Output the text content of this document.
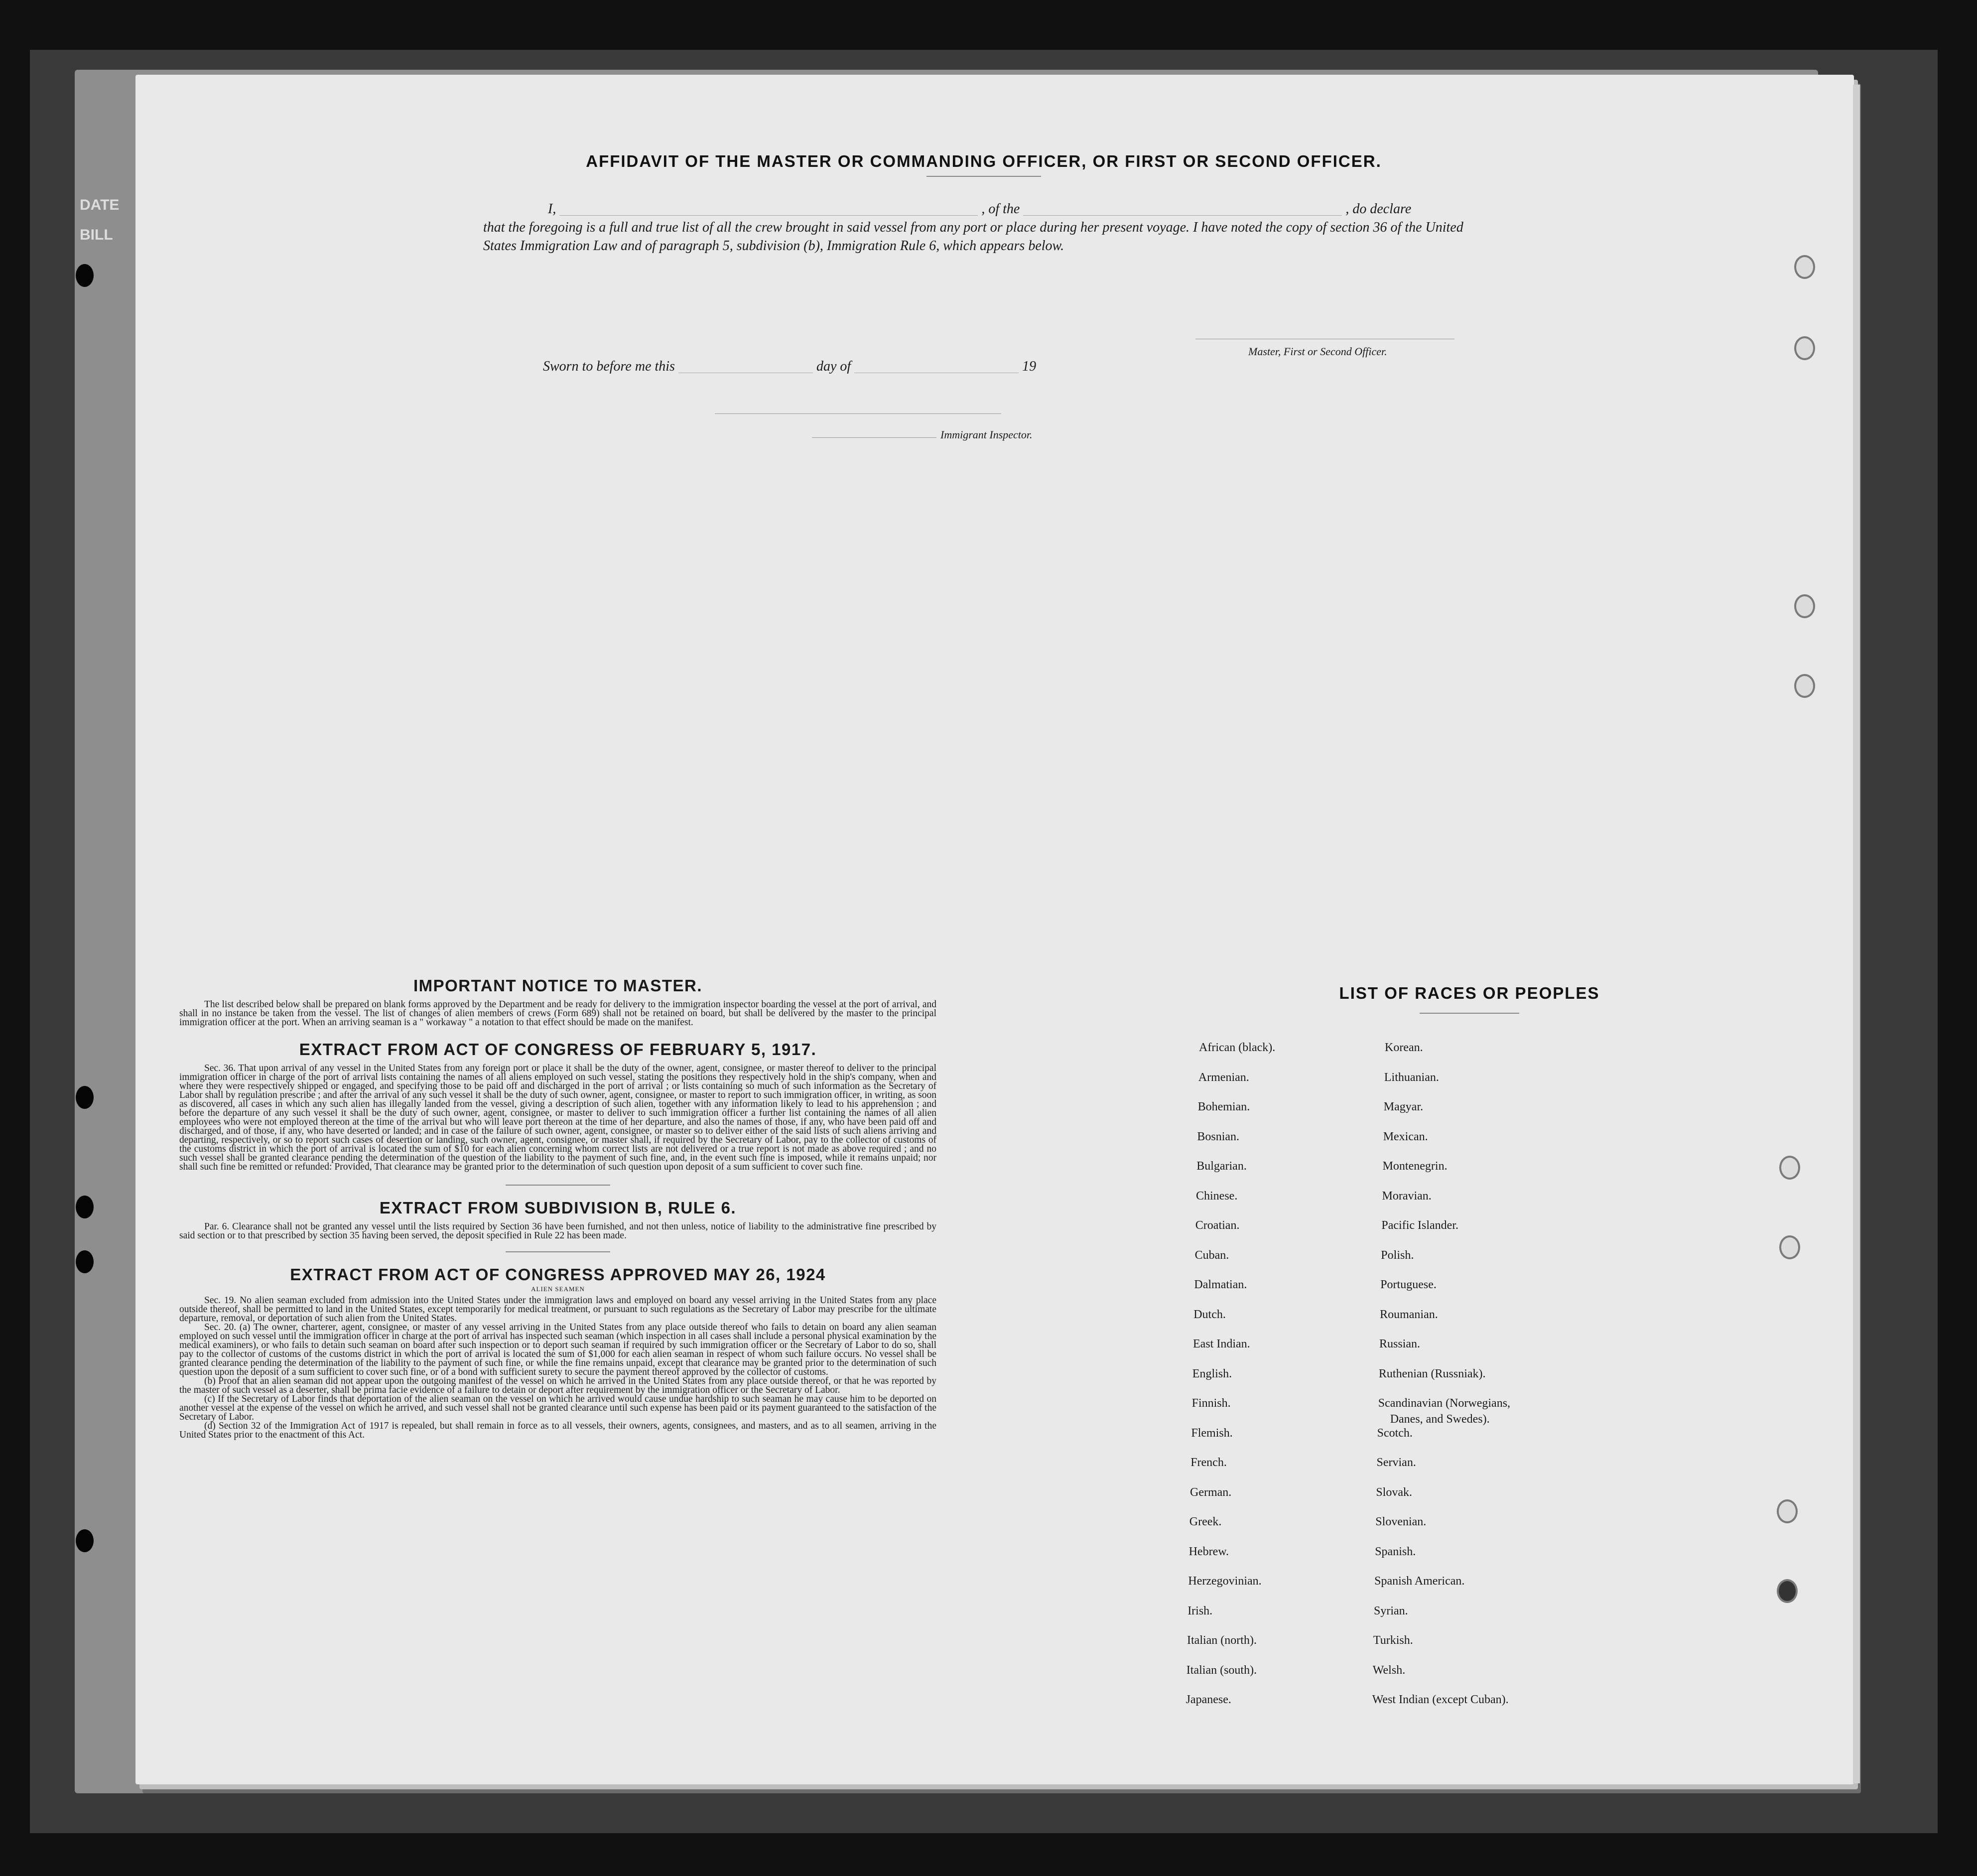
DATE
BILL
AFFIDAVIT OF THE MASTER OR COMMANDING OFFICER, OR FIRST OR SECOND OFFICER.
I,	, of the	, do declare
that the foregoing is a full and true list of all the crew brought in said vessel from any port or place during her present voyage. I have noted the copy of section 36 of the United States Immigration Law and of paragraph 5, subdivision (b), Immigration Rule 6, which appears below.
Master, First or Second Officer.
Sworn to before me this	day of	19
Immigrant Inspector.
IMPORTANT NOTICE TO MASTER.

The list described below shall be prepared on blank forms approved by the Department and be ready for delivery to the immigration inspector boarding the vessel at the port of arrival, and shall in no instance be taken from the vessel. The list of changes of alien members of crews (Form 689) shall not be retained on board, but shall be delivered by the master to the principal immigration officer at the port. When an arriving seaman is a " workaway " a notation to that effect should be made on the manifest.

EXTRACT FROM ACT OF CONGRESS OF FEBRUARY 5, 1917.

Sec. 36. That upon arrival of any vessel in the United States from any foreign port or place it shall be the duty of the owner, agent, consignee, or master thereof to deliver to the principal immigration officer in charge of the port of arrival lists containing the names of all aliens employed on such vessel, stating the positions they respectively hold in the ship's company, when and where they were respectively shipped or engaged, and specifying those to be paid off and discharged in the port of arrival ; or lists containing so much of such information as the Secretary of Labor shall by regulation prescribe ; and after the arrival of any such vessel it shall be the duty of such owner, agent, consignee, or master to report to such immigration officer, in writing, as soon as discovered, all cases in which any such alien has illegally landed from the vessel, giving a description of such alien, together with any information likely to lead to his apprehension ; and before the departure of any such vessel it shall be the duty of such owner, agent, consignee, or master to deliver to such immigration officer a further list containing the names of all alien employees who were not employed thereon at the time of the arrival but who will leave port thereon at the time of her departure, and also the names of those, if any, who have been paid off and discharged, and of those, if any, who have deserted or landed; and in case of the failure of such owner, agent, consignee, or master so to deliver either of the said lists of such aliens arriving and departing, respectively, or so to report such cases of desertion or landing, such owner, agent, consignee, or master shall, if required by the Secretary of Labor, pay to the collector of customs of the customs district in which the port of arrival is located the sum of $10 for each alien concerning whom correct lists are not delivered or a true report is not made as above required ; and no such vessel shall be granted clearance pending the determination of the question of the liability to the payment of such fine, and, in the event such fine is imposed, while it remains unpaid; nor shall such fine be remitted or refunded: Provided, That clearance may be granted prior to the determination of such question upon deposit of a sum sufficient to cover such fine.

EXTRACT FROM SUBDIVISION B, RULE 6.

Par. 6. Clearance shall not be granted any vessel until the lists required by Section 36 have been furnished, and not then unless, notice of liability to the administrative fine prescribed by said section or to that prescribed by section 35 having been served, the deposit specified in Rule 22 has been made.

EXTRACT FROM ACT OF CONGRESS APPROVED MAY 26, 1924
ALIEN SEAMEN

Sec. 19. No alien seaman excluded from admission into the United States under the immigration laws and employed on board any vessel arriving in the United States from any place outside thereof, shall be permitted to land in the United States, except temporarily for medical treatment, or pursuant to such regulations as the Secretary of Labor may prescribe for the ultimate departure, removal, or deportation of such alien from the United States.

Sec. 20. (a) The owner, charterer, agent, consignee, or master of any vessel arriving in the United States from any place outside thereof who fails to detain on board any alien seaman employed on such vessel until the immigration officer in charge at the port of arrival has inspected such seaman (which inspection in all cases shall include a personal physical examination by the medical examiners), or who fails to detain such seaman on board after such inspection or to deport such seaman if required by such immigration officer or the Secretary of Labor to do so, shall pay to the collector of customs of the customs district in which the port of arrival is located the sum of $1,000 for each alien seaman in respect of whom such failure occurs. No vessel shall be granted clearance pending the determination of the liability to the payment of such fine, or while the fine remains unpaid, except that clearance may be granted prior to the determination of such question upon the deposit of a sum sufficient to cover such fine, or of a bond with sufficient surety to secure the payment thereof approved by the collector of customs.

(b) Proof that an alien seaman did not appear upon the outgoing manifest of the vessel on which he arrived in the United States from any place outside thereof, or that he was reported by the master of such vessel as a deserter, shall be prima facie evidence of a failure to detain or deport after requirement by the immigration officer or the Secretary of Labor.

(c) If the Secretary of Labor finds that deportation of the alien seaman on the vessel on which he arrived would cause undue hardship to such seaman he may cause him to be deported on another vessel at the expense of the vessel on which he arrived, and such vessel shall not be granted clearance until such expense has been paid or its payment guaranteed to the satisfaction of the Secretary of Labor.

(d) Section 32 of the Immigration Act of 1917 is repealed, but shall remain in force as to all vessels, their owners, agents, consignees, and masters, and as to all seamen, arriving in the United States prior to the enactment of this Act.

LIST OF RACES OR PEOPLES
African (black).
Armenian.
Bohemian.
Bosnian.
Bulgarian.
Chinese.
Croatian.
Cuban.
Dalmatian.
Dutch.
East Indian.
English.
Finnish.
Flemish.
French.
German.
Greek.
Hebrew.
Herzegovinian.
Irish.
Italian (north).
Italian (south).
Japanese.
Korean.
Lithuanian.
Magyar.
Mexican.
Montenegrin.
Moravian.
Pacific Islander.
Polish.
Portuguese.
Roumanian.
Russian.
Ruthenian (Russniak).
Scandinavian (Norwegians,
Danes, and Swedes).
Scotch.
Servian.
Slovak.
Slovenian.
Spanish.
Spanish American.
Syrian.
Turkish.
Welsh.
West Indian (except Cuban).
